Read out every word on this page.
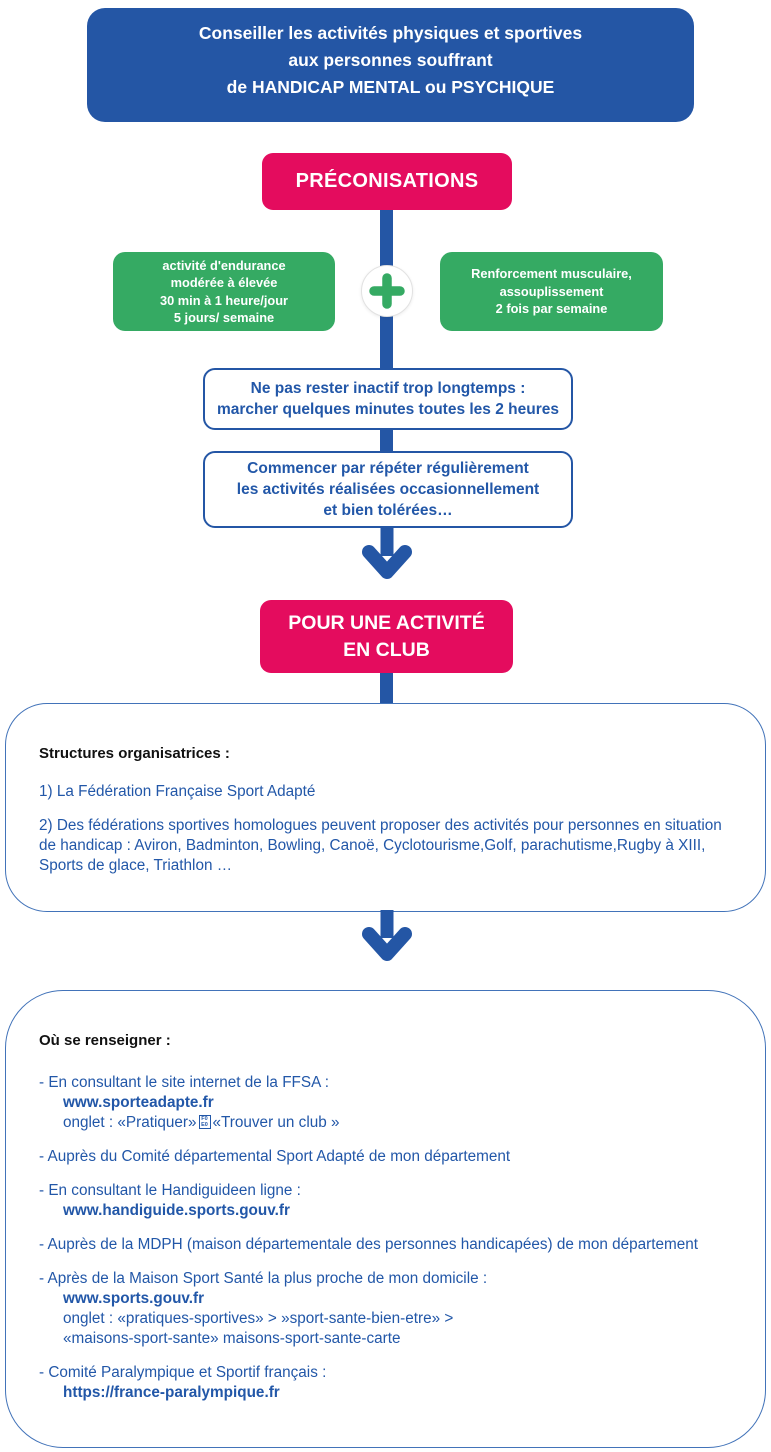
Conseiller les activités physiques et sportives
aux personnes souffrant
de HANDICAP MENTAL ou PSYCHIQUE
PRÉCONISATIONS
activité d'endurance
modérée à élevée
30 min à 1 heure/jour
5 jours/ semaine
Renforcement musculaire,
assouplissement
2 fois par semaine
Ne pas rester inactif trop longtemps :
marcher quelques minutes toutes les 2 heures
Commencer par répéter régulièrement
les activités réalisées occasionnellement
et bien tolérées…
POUR UNE ACTIVITÉ
EN CLUB
Structures organisatrices :
1) La Fédération Française Sport Adapté
2) Des fédérations sportives homologues peuvent proposer des activités pour personnes en situation de handicap : Aviron, Badminton, Bowling, Canoë, Cyclotourisme,Golf, parachutisme,Rugby à XIII, Sports de glace, Triathlon …
Où se renseigner :
- En consultant le site internet de la FFSA :
www.sporteadapte.fr
onglet : «Pratiquer» F0
E0 «Trouver un club »
- Auprès du Comité départemental Sport Adapté de mon département
- En consultant le Handiguideen ligne :
www.handiguide.sports.gouv.fr
- Auprès de la MDPH (maison départementale des personnes handicapées) de mon département
- Après de la Maison Sport Santé la plus proche de mon domicile :
www.sports.gouv.fr
onglet : «pratiques-sportives» > »sport-sante-bien-etre» >
«maisons-sport-sante» maisons-sport-sante-carte
- Comité Paralympique et Sportif français :
https://france-paralympique.fr
